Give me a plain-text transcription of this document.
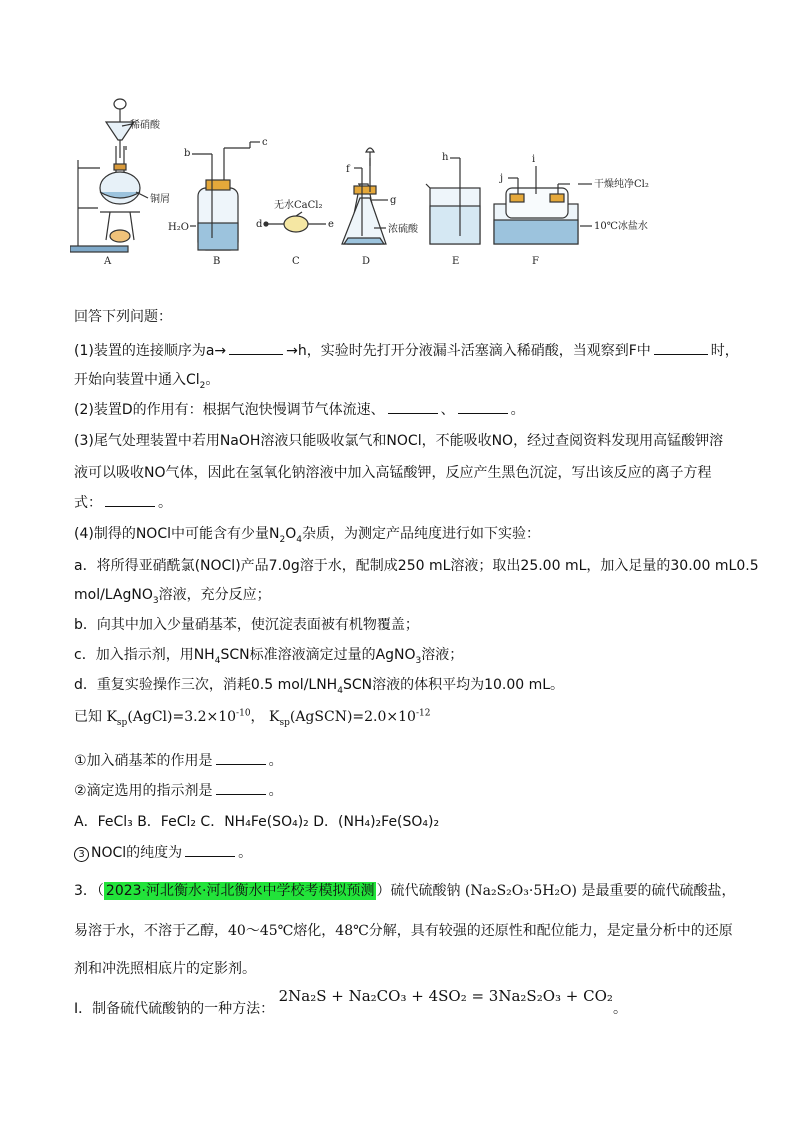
稀硝酸
铜屑
b
c
H₂O
无水CaCl₂
d	e
f
g
浓硫酸
h	i
j
干燥纯净Cl₂
10℃冰盐水
A	B	C	D	E	F
回答下列问题：
(1)装置的连接顺序为a→	→h，实验时先打开分液漏斗活塞滴入稀硝酸，当观察到F中	时，
开始向装置中通入$Cl_2$。
(2)装置D的作用有：根据气泡快慢调节气体流速、	、	。
(3)尾气处理装置中若用NaOH溶液只能吸收氯气和NOCl，不能吸收NO，经过查阅资料发现用高锰酸钾溶
液可以吸收NO气体，因此在氢氧化钠溶液中加入高锰酸钾，反应产生黑色沉淀，写出该反应的离子方程
式：	。
(4)制得的NOCl中可能含有少量$N_2O_4$杂质，为测定产品纯度进行如下实验：
a．将所得亚硝酰氯(NOCl)产品7.0g溶于水，配制成250 mL溶液；取出25.00 mL，加入足量的30.00 mL0.5
mol/LAgNO$_3$溶液，充分反应；
b．向其中加入少量硝基苯，使沉淀表面被有机物覆盖；
c．加入指示剂，用$NH_4SCN$标准溶液滴定过量的AgNO$_3$溶液；
d．重复实验操作三次，消耗0.5 mol/$LNH_4SCN$溶液的体积平均为10.00 mL。
已知 $K_{sp}(AgCl)=3.2\times 10^{-10}$， $K_{sp}(AgSCN)=2.0\times 10^{-12}$
①加入硝基苯的作用是	。
②滴定选用的指示剂是	。
A．FeCl₃ B．FeCl₂ C．NH₄Fe(SO₄)₂ D．(NH₄)₂Fe(SO₄)₂
3 NOCl的纯度为	。
3．（ 2023·河北衡水·河北衡水中学校考模拟预测 ）硫代硫酸钠 (Na₂S₂O₃·5H₂O) 是最重要的硫代硫酸盐，
易溶于水，不溶于乙醇，40～45℃熔化，48℃分解，具有较强的还原性和配位能力，是定量分析中的还原
剂和冲洗照相底片的定影剂。
I．制备硫代硫酸钠的一种方法： 2Na₂S + Na₂CO₃ + 4SO₂ = 3Na₂S₂O₃ + CO₂。
